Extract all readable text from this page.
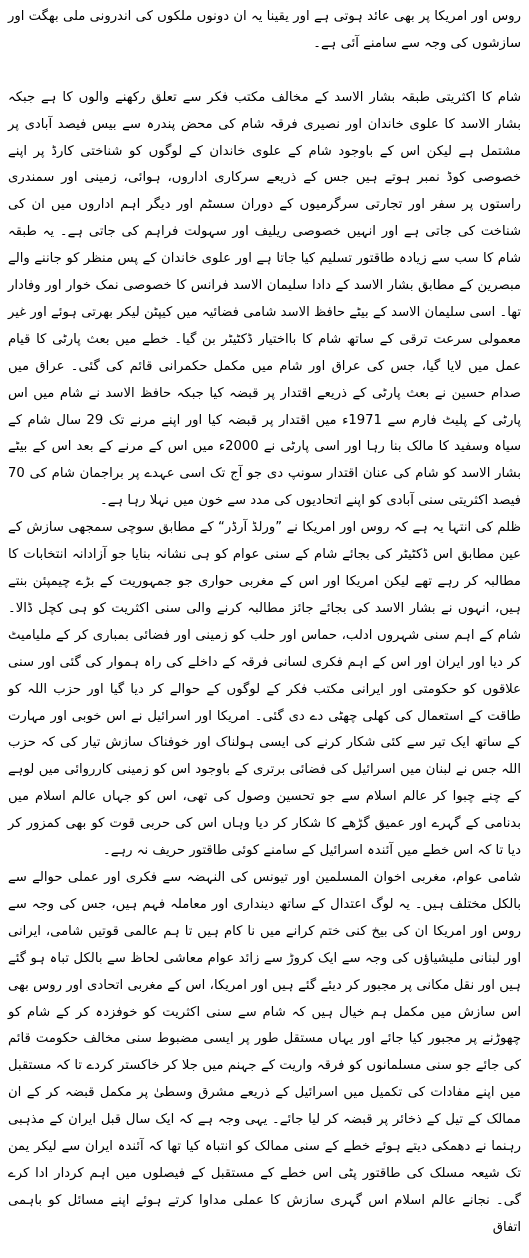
روس اور امریکا پر بھی عائد ہوتی ہے اور یقینا یہ ان دونوں ملکوں کی اندرونی ملی بھگت اور سازشوں کی وجہ سے سامنے آئی ہے۔

شام کا اکثریتی طبقہ بشار الاسد کے مخالف مکتب فکر سے تعلق رکھنے والوں کا ہے جبکہ بشار الاسد کا علوی خاندان اور نصیری فرقہ شام کی محض پندرہ سے بیس فیصد آبادی پر مشتمل ہے لیکن اس کے باوجود شام کے علوی خاندان کے لوگوں کو شناختی کارڈ پر اپنے خصوصی کوڈ نمبر ہوتے ہیں جس کے ذریعے سرکاری اداروں، ہوائی، زمینی اور سمندری راستوں پر سفر اور تجارتی سرگرمیوں کے دوران سسٹم اور دیگر اہم اداروں میں ان کی شناخت کی جاتی ہے اور انہیں خصوصی ریلیف اور سہولت فراہم کی جاتی ہے۔ یہ طبقہ شام کا سب سے زیادہ طاقتور تسلیم کیا جاتا ہے اور علوی خاندان کے پس منظر کو جاننے والے مبصرین کے مطابق بشار الاسد کے دادا سلیمان الاسد فرانس کا خصوصی نمک خوار اور وفادار تھا۔ اسی سلیمان الاسد کے بیٹے حافظ الاسد شامی فضائیہ میں کیپٹن لیکر بھرتی ہوئے اور غیر معمولی سرعت ترقی کے ساتھ شام کا بااختیار ڈکٹیٹر بن گیا۔ خطے میں بعث پارٹی کا قیام عمل میں لایا گیا، جس کی عراق اور شام میں مکمل حکمرانی قائم کی گئی۔ عراق میں صدام حسین نے بعث پارٹی کے ذریعے اقتدار پر قبضہ کیا جبکہ حافظ الاسد نے شام میں اس پارٹی کے پلیٹ فارم سے 1971ء میں اقتدار پر قبضہ کیا اور اپنے مرنے تک 29 سال شام کے سیاہ وسفید کا مالک بنا رہا اور اسی پارٹی نے 2000ء میں اس کے مرنے کے بعد اس کے بیٹے بشار الاسد کو شام کی عنان اقتدار سونپ دی جو آج تک اسی عہدے پر براجمان شام کی 70 فیصد اکثریتی سنی آبادی کو اپنے اتحادیوں کی مدد سے خون میں نہلا رہا ہے۔

ظلم کی انتہا یہ ہے کہ روس اور امریکا نے ”ورلڈ آرڈر“ کے مطابق سوچی سمجھی سازش کے عین مطابق اس ڈکٹیٹر کی بجائے شام کے سنی عوام کو ہی نشانہ بنایا جو آزادانہ انتخابات کا مطالبہ کر رہے تھے لیکن امریکا اور اس کے مغربی حواری جو جمہوریت کے بڑے چیمپئن بنتے ہیں، انہوں نے بشار الاسد کی بجائے جائز مطالبہ کرنے والی سنی اکثریت کو ہی کچل ڈالا۔ شام کے اہم سنی شہروں ادلب، حماس اور حلب کو زمینی اور فضائی بمباری کر کے ملیامیٹ کر دیا اور ایران اور اس کے اہم فکری لسانی فرقہ کے داخلے کی راہ ہموار کی گئی اور سنی علاقوں کو حکومتی اور ایرانی مکتب فکر کے لوگوں کے حوالے کر دیا گیا اور حزب اللہ کو طاقت کے استعمال کی کھلی چھٹی دے دی گئی۔ امریکا اور اسرائیل نے اس خوبی اور مہارت کے ساتھ ایک تیر سے کئی شکار کرنے کی ایسی ہولناک اور خوفناک سازش تیار کی کہ حزب اللہ جس نے لبنان میں اسرائیل کی فضائی برتری کے باوجود اس کو زمینی کارروائی میں لوہے کے چنے چبوا کر عالم اسلام سے جو تحسین وصول کی تھی، اس کو جہاں عالم اسلام میں بدنامی کے گہرے اور عمیق گڑھے کا شکار کر دیا وہاں اس کی حربی قوت کو بھی کمزور کر دیا تا کہ اس خطے میں آئندہ اسرائیل کے سامنے کوئی طاقتور حریف نہ رہے۔

شامی عوام، مغربی اخوان المسلمین اور تیونس کی النہضہ سے فکری اور عملی حوالے سے بالکل مختلف ہیں۔ یہ لوگ اعتدال کے ساتھ دینداری اور معاملہ فہم ہیں، جس کی وجہ سے روس اور امریکا ان کی بیخ کنی ختم کرانے میں نا کام ہیں تا ہم عالمی قوتیں شامی، ایرانی اور لبنانی ملیشیاؤں کی وجہ سے ایک کروڑ سے زائد عوام معاشی لحاظ سے بالکل تباہ ہو گئے ہیں اور نقل مکانی پر مجبور کر دیئے گئے ہیں اور امریکا، اس کے مغربی اتحادی اور روس بھی اس سازش میں مکمل ہم خیال ہیں کہ شام سے سنی اکثریت کو خوفزدہ کر کے شام کو چھوڑنے پر مجبور کیا جائے اور یہاں مستقل طور پر ایسی مضبوط سنی مخالف حکومت قائم کی جائے جو سنی مسلمانوں کو فرقہ واریت کے جہنم میں جلا کر خاکستر کردے تا کہ مستقبل میں اپنے مفادات کی تکمیل میں اسرائیل کے ذریعے مشرق وسطیٰ پر مکمل قبضہ کر کے ان ممالک کے تیل کے ذخائر پر قبضہ کر لیا جائے۔ یہی وجہ ہے کہ ایک سال قبل ایران کے مذہبی رہنما نے دھمکی دیتے ہوئے خطے کے سنی ممالک کو انتباہ کیا تھا کہ آئندہ ایران سے لیکر یمن تک شیعہ مسلک کی طاقتور پٹی اس خطے کے مستقبل کے فیصلوں میں اہم کردار ادا کرے گی۔ نجانے عالم اسلام اس گہری سازش کا عملی مداوا کرتے ہوئے اپنے مسائل کو باہمی اتفاق
